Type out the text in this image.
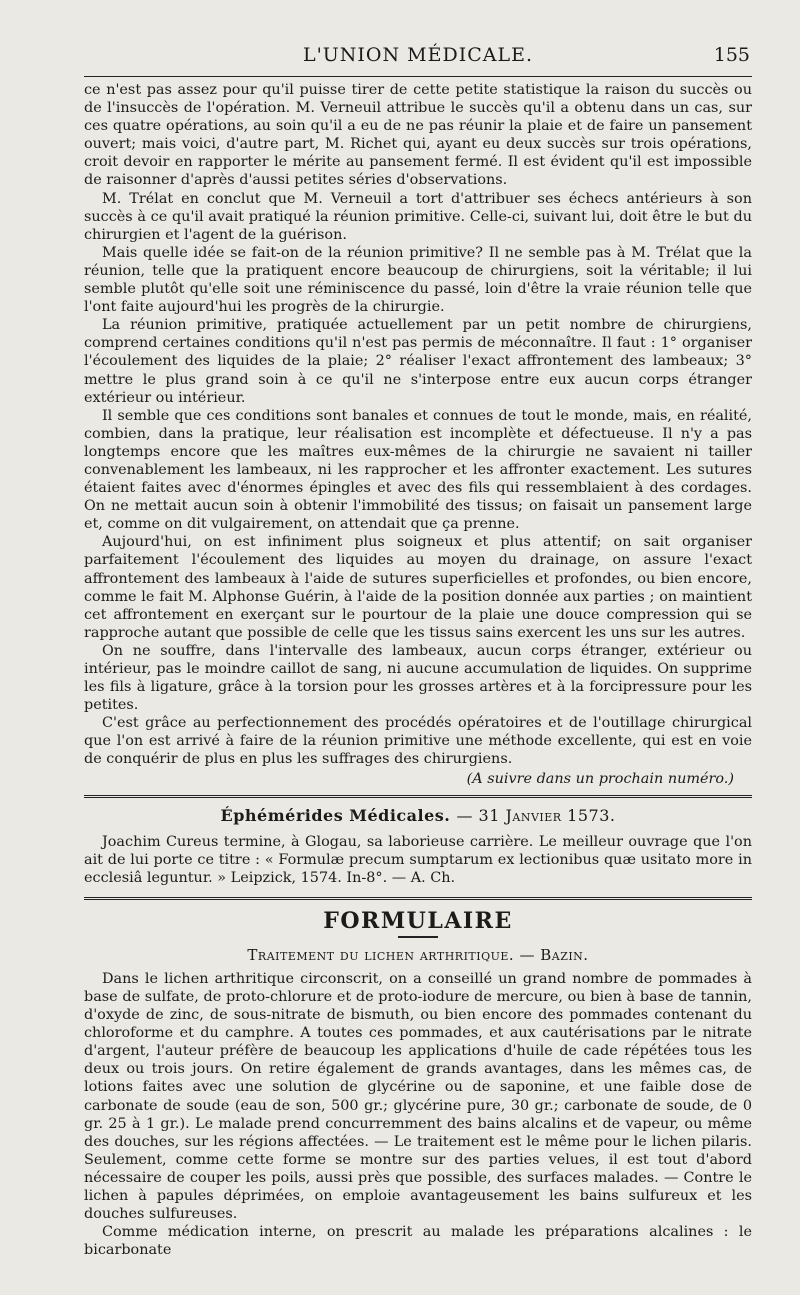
L'UNION MÉDICALE.	155

ce n'est pas assez pour qu'il puisse tirer de cette petite statistique la raison du succès ou de l'insuccès de l'opération. M. Verneuil attribue le succès qu'il a obtenu dans un cas, sur ces quatre opérations, au soin qu'il a eu de ne pas réunir la plaie et de faire un pansement ouvert; mais voici, d'autre part, M. Richet qui, ayant eu deux succès sur trois opérations, croit devoir en rapporter le mérite au pansement fermé. Il est évident qu'il est impossible de raisonner d'après d'aussi petites séries d'observations.

M. Trélat en conclut que M. Verneuil a tort d'attribuer ses échecs antérieurs à son succès à ce qu'il avait pratiqué la réunion primitive. Celle-ci, suivant lui, doit être le but du chirurgien et l'agent de la guérison.

Mais quelle idée se fait-on de la réunion primitive? Il ne semble pas à M. Trélat que la réunion, telle que la pratiquent encore beaucoup de chirurgiens, soit la véritable; il lui semble plutôt qu'elle soit une réminiscence du passé, loin d'être la vraie réunion telle que l'ont faite aujourd'hui les progrès de la chirurgie.

La réunion primitive, pratiquée actuellement par un petit nombre de chirurgiens, comprend certaines conditions qu'il n'est pas permis de méconnaître. Il faut : 1° organiser l'écoulement des liquides de la plaie; 2° réaliser l'exact affrontement des lambeaux; 3° mettre le plus grand soin à ce qu'il ne s'interpose entre eux aucun corps étranger extérieur ou intérieur.

Il semble que ces conditions sont banales et connues de tout le monde, mais, en réalité, combien, dans la pratique, leur réalisation est incomplète et défectueuse. Il n'y a pas longtemps encore que les maîtres eux-mêmes de la chirurgie ne savaient ni tailler convenablement les lambeaux, ni les rapprocher et les affronter exactement. Les sutures étaient faites avec d'énormes épingles et avec des fils qui ressemblaient à des cordages. On ne mettait aucun soin à obtenir l'immobilité des tissus; on faisait un pansement large et, comme on dit vulgairement, on attendait que ça prenne.

Aujourd'hui, on est infiniment plus soigneux et plus attentif; on sait organiser parfaitement l'écoulement des liquides au moyen du drainage, on assure l'exact affrontement des lambeaux à l'aide de sutures superficielles et profondes, ou bien encore, comme le fait M. Alphonse Guérin, à l'aide de la position donnée aux parties ; on maintient cet affrontement en exerçant sur le pourtour de la plaie une douce compression qui se rapproche autant que possible de celle que les tissus sains exercent les uns sur les autres.

On ne souffre, dans l'intervalle des lambeaux, aucun corps étranger, extérieur ou intérieur, pas le moindre caillot de sang, ni aucune accumulation de liquides. On supprime les fils à ligature, grâce à la torsion pour les grosses artères et à la forcipressure pour les petites.

C'est grâce au perfectionnement des procédés opératoires et de l'outillage chirurgical que l'on est arrivé à faire de la réunion primitive une méthode excellente, qui est en voie de conquérir de plus en plus les suffrages des chirurgiens.

(A suivre dans un prochain numéro.)
Éphémérides Médicales. — 31 Janvier 1573.

Joachim Cureus termine, à Glogau, sa laborieuse carrière. Le meilleur ouvrage que l'on ait de lui porte ce titre : « Formulæ precum sumptarum ex lectionibus quæ usitato more in ecclesiâ leguntur. » Leipzick, 1574. In-8°. — A. Ch.

FORMULAIRE
Traitement du lichen arthritique. — Bazin.

Dans le lichen arthritique circonscrit, on a conseillé un grand nombre de pommades à base de sulfate, de proto-chlorure et de proto-iodure de mercure, ou bien à base de tannin, d'oxyde de zinc, de sous-nitrate de bismuth, ou bien encore des pommades contenant du chloroforme et du camphre. A toutes ces pommades, et aux cautérisations par le nitrate d'argent, l'auteur préfère de beaucoup les applications d'huile de cade répétées tous les deux ou trois jours. On retire également de grands avantages, dans les mêmes cas, de lotions faites avec une solution de glycérine ou de saponine, et une faible dose de carbonate de soude (eau de son, 500 gr.; glycérine pure, 30 gr.; carbonate de soude, de 0 gr. 25 à 1 gr.). Le malade prend concurremment des bains alcalins et de vapeur, ou même des douches, sur les régions affectées. — Le traitement est le même pour le lichen pilaris. Seulement, comme cette forme se montre sur des parties velues, il est tout d'abord nécessaire de couper les poils, aussi près que possible, des surfaces malades. — Contre le lichen à papules déprimées, on emploie avantageusement les bains sulfureux et les douches sulfureuses.

Comme médication interne, on prescrit au malade les préparations alcalines : le bicarbonate
